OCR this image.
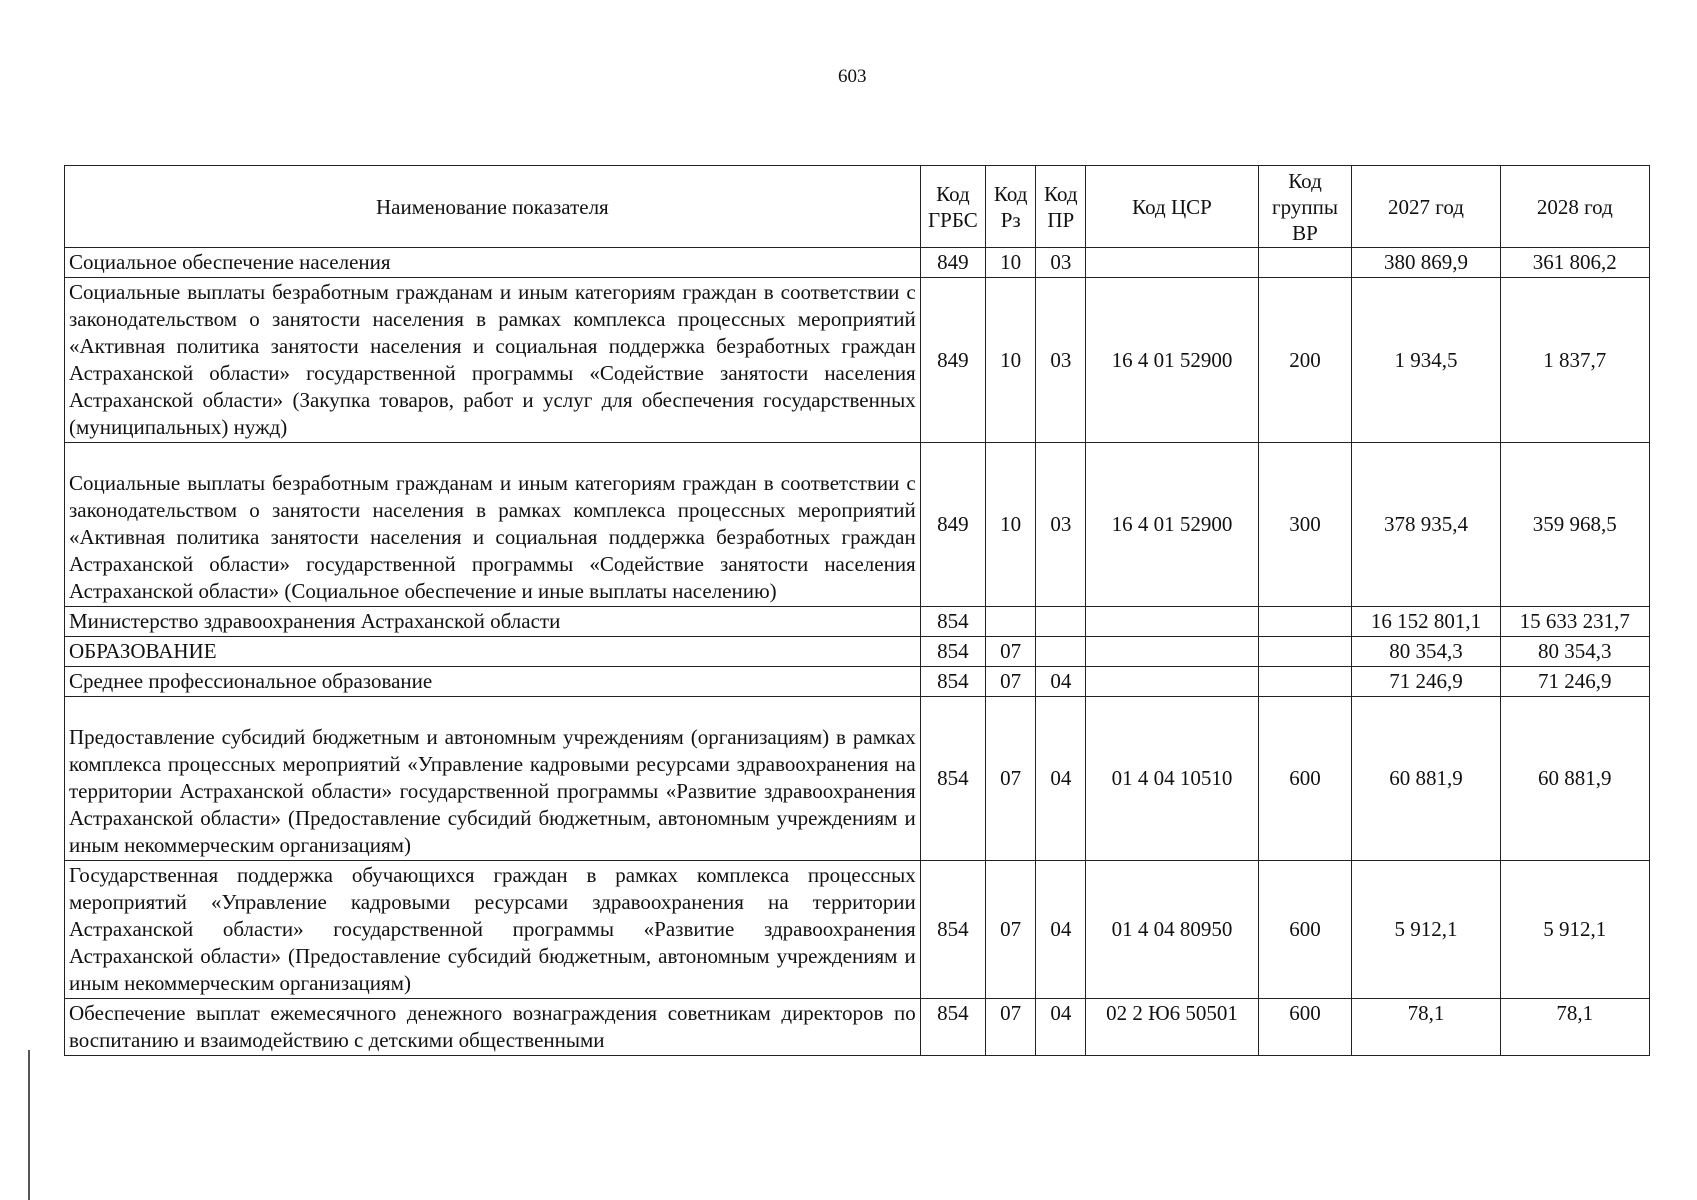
603
Наименование показателя	Код ГРБС	Код Рз	Код ПР	Код ЦСР	Код группы ВР	2027 год	2028 год

Социальное обеспечение населения	849	10	03			380 869,9	361 806,2
Социальные выплаты безработным гражданам и иным категориям граждан в соответствии с законодательством о занятости населения в рамках комплекса процессных мероприятий «Активная политика занятости населения и социальная поддержка безработных граждан Астраханской области» государственной программы «Содействие занятости населения Астраханской области» (Закупка товаров, работ и услуг для обеспечения государственных (муниципальных) нужд)	849	10	03	16 4 01 52900	200	1 934,5	1 837,7
Социальные выплаты безработным гражданам и иным категориям граждан в соответствии с законодательством о занятости населения в рамках комплекса процессных мероприятий «Активная политика занятости населения и социальная поддержка безработных граждан Астраханской области» государственной программы «Содействие занятости населения Астраханской области» (Социальное обеспечение и иные выплаты населению)	849	10	03	16 4 01 52900	300	378 935,4	359 968,5

Министерство здравоохранения Астраханской области	854					16 152 801,1	15 633 231,7

ОБРАЗОВАНИЕ	854	07				80 354,3	80 354,3

Среднее профессиональное образование	854	07	04			71 246,9	71 246,9
Предоставление субсидий бюджетным и автономным учреждениям (организациям) в рамках комплекса процессных мероприятий «Управление кадровыми ресурсами здравоохранения на территории Астраханской области» государственной программы «Развитие здравоохранения Астраханской области» (Предоставление субсидий бюджетным, автономным учреждениям и иным некоммерческим организациям)	854	07	04	01 4 04 10510	600	60 881,9	60 881,9
Государственная поддержка обучающихся граждан в рамках комплекса процессных мероприятий «Управление кадровыми ресурсами здравоохранения на территории Астраханской области» государственной программы «Развитие здравоохранения Астраханской области» (Предоставление субсидий бюджетным, автономным учреждениям и иным некоммерческим организациям)	854	07	04	01 4 04 80950	600	5 912,1	5 912,1
Обеспечение выплат ежемесячного денежного вознаграждения советникам директоров по воспитанию и взаимодействию с детскими общественными	854	07	04	02 2 Ю6 50501	600	78,1	78,1
